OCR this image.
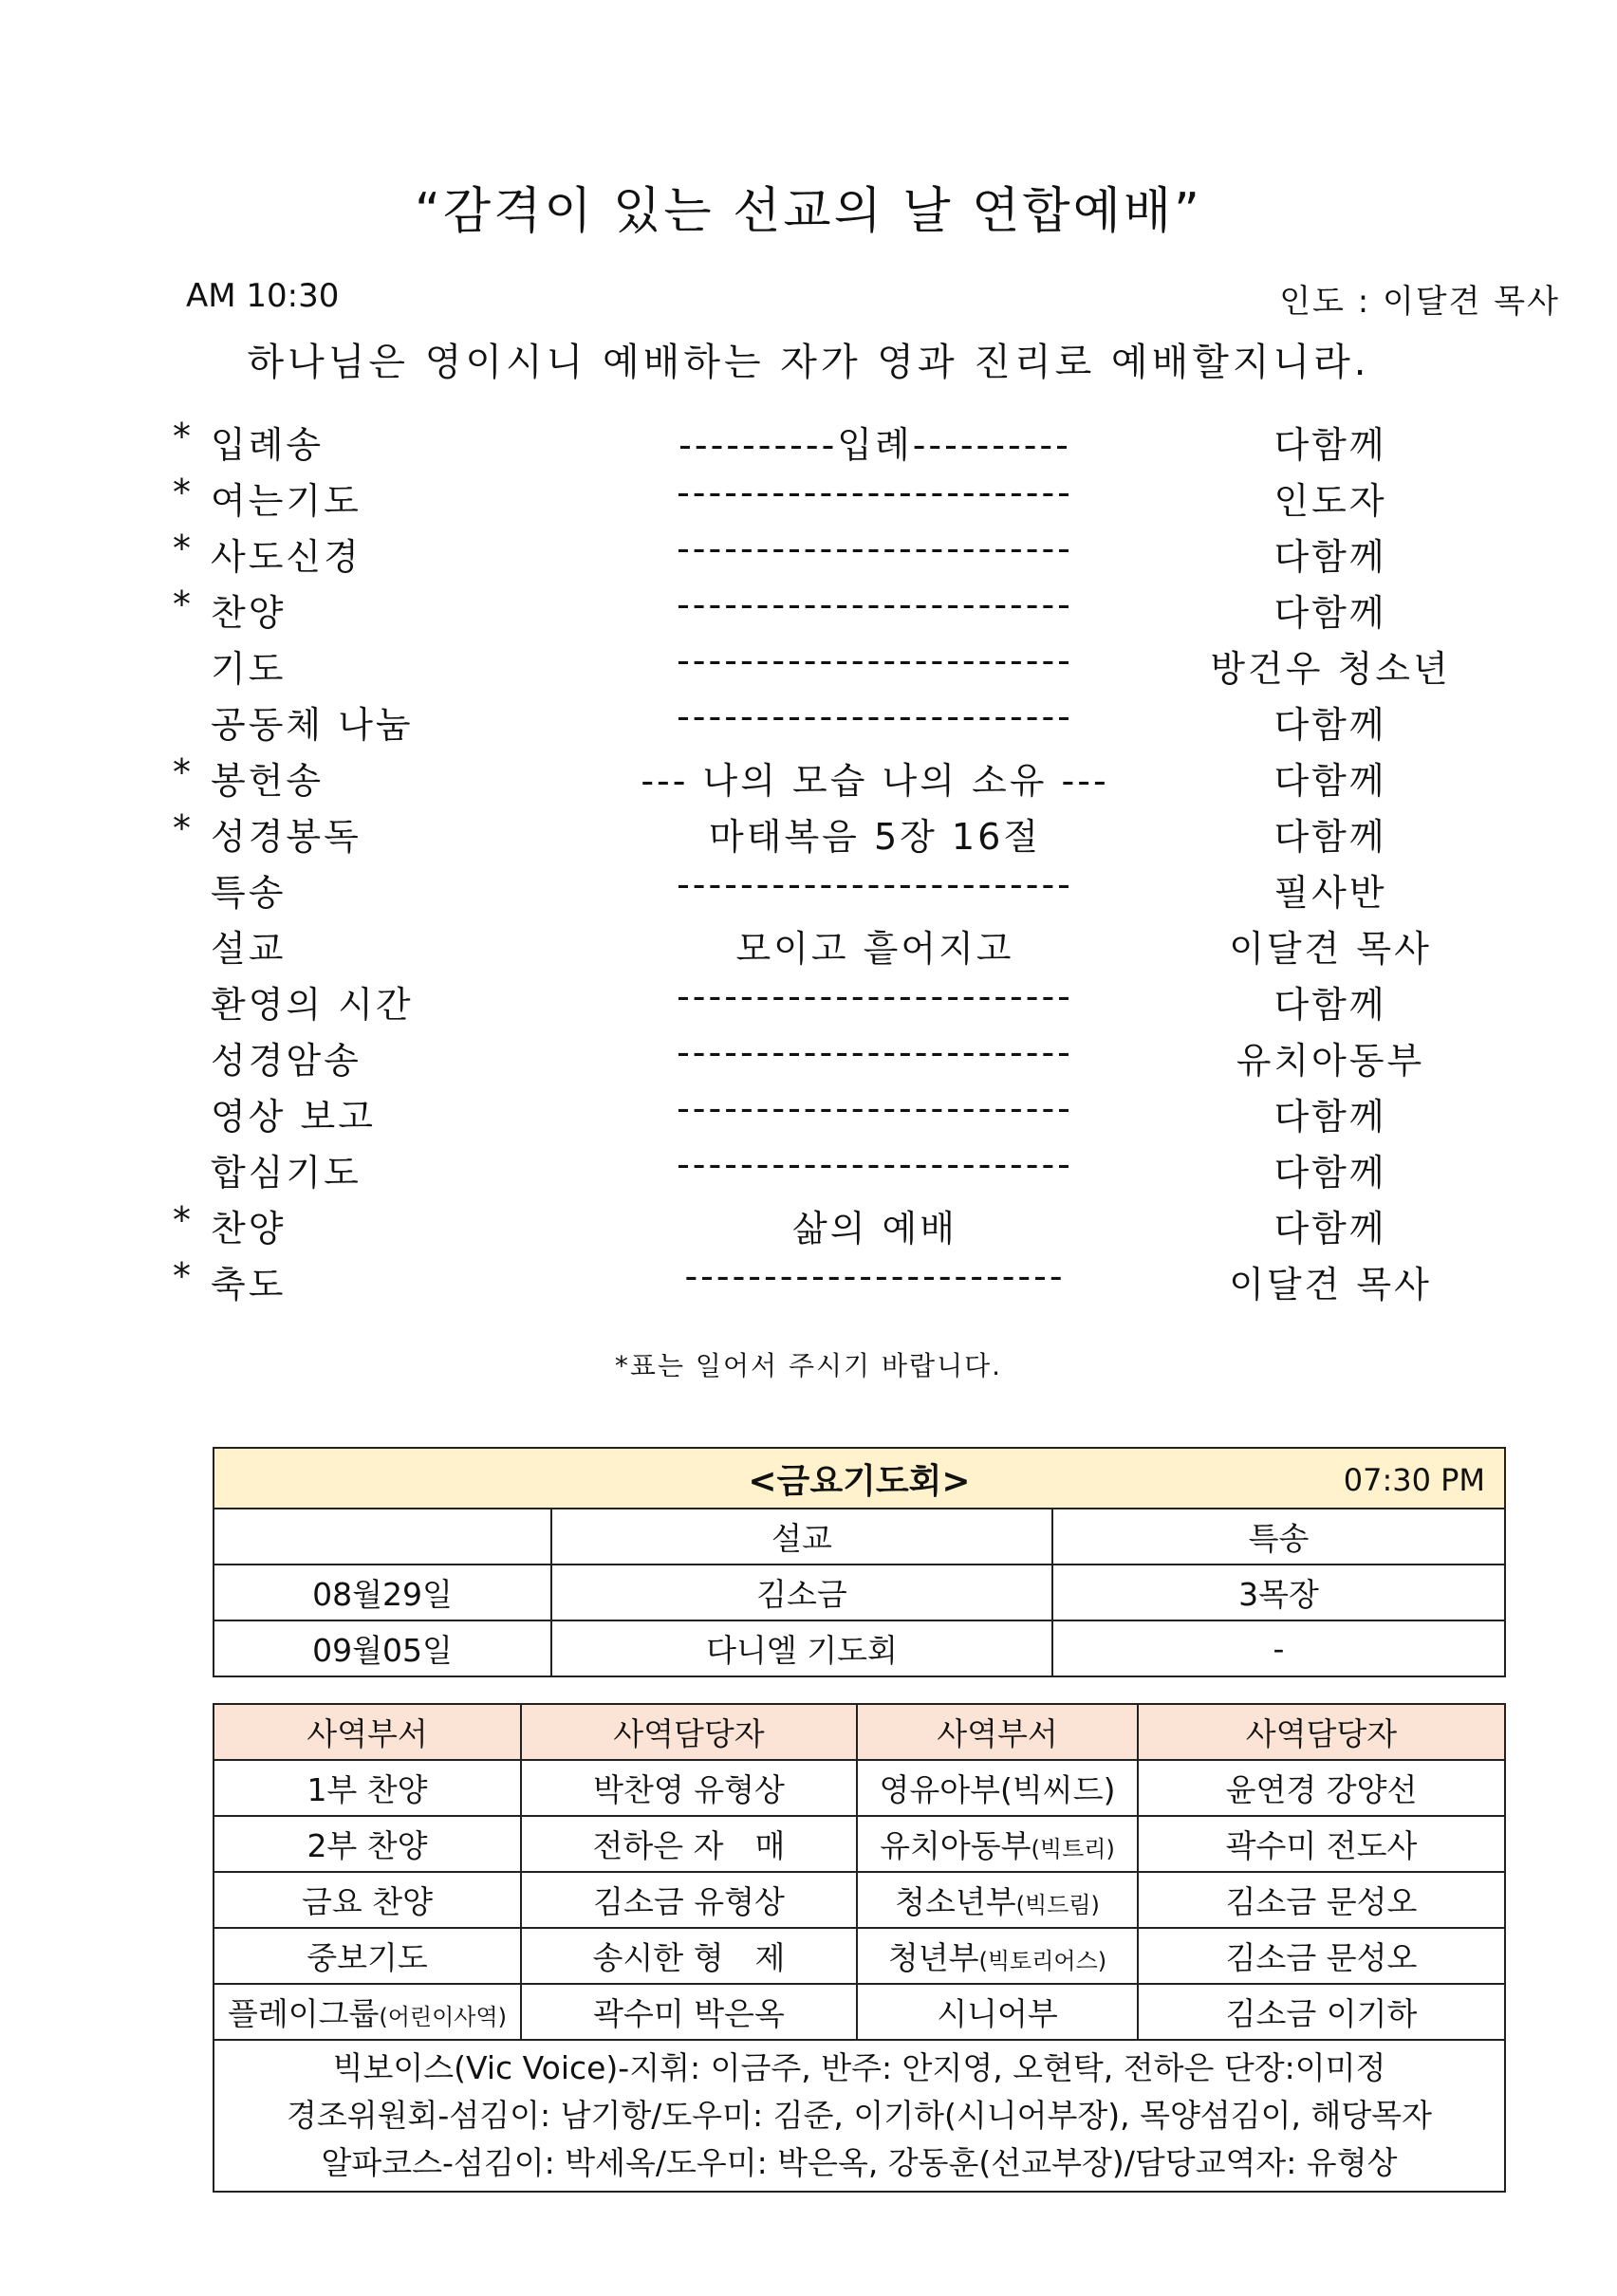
“감격이 있는 선교의 날 연합예배”
AM 10:30	인도 : 이달견 목사
하나님은 영이시니 예배하는 자가 영과 진리로 예배할지니라.
* 입례송	----------입례----------	다함께
* 여는기도	-------------------------	인도자
* 사도신경	-------------------------	다함께
* 찬양	-------------------------	다함께
기도	-------------------------	방건우 청소년
공동체 나눔	-------------------------	다함께
* 봉헌송	--- 나의 모습 나의 소유 ---	다함께
* 성경봉독	마태복음 5장 16절	다함께
특송	-------------------------	필사반
설교	모이고 흩어지고	이달견 목사
환영의 시간	-------------------------	다함께
성경암송	-------------------------	유치아동부
영상 보고	-------------------------	다함께
합심기도	-------------------------	다함께
* 찬양	삶의 예배	다함께
* 축도	------------------------	이달견 목사
*표는 일어서 주시기 바랍니다.
<금요기도회> 07:30 PM		

	설교	특송
08월29일	김소금	3목장
09월05일	다니엘 기도회	-
사역부서	사역담당자	사역부서	사역담당자
1부 찬양	박찬영 유형상	영유아부(빅씨드)	윤연경 강양선
2부 찬양	전하은 자　매	유치아동부(빅트리)	곽수미 전도사
금요 찬양	김소금 유형상	청소년부(빅드림)	김소금 문성오
중보기도	송시한 형　제	청년부(빅토리어스)	김소금 문성오
플레이그룹(어린이사역)	곽수미 박은옥	시니어부	김소금 이기하

빅보이스(Vic Voice)-지휘: 이금주, 반주: 안지영, 오현탁, 전하은 단장:이미정
경조위원회-섬김이: 남기항/도우미: 김준, 이기하(시니어부장), 목양섬김이, 해당목자
알파코스-섬김이: 박세옥/도우미: 박은옥, 강동훈(선교부장)/담당교역자: 유형상			
